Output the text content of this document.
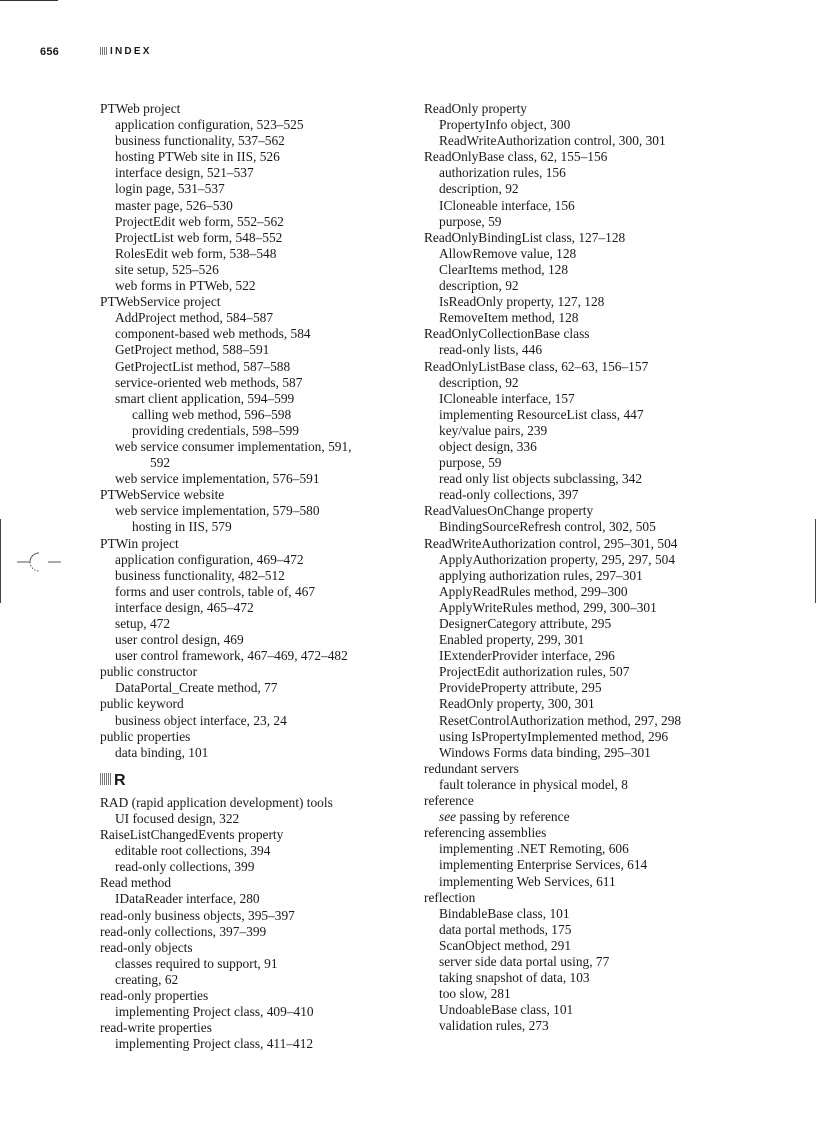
656	INDEX
PTWeb project
application configuration, 523–525
business functionality, 537–562
hosting PTWeb site in IIS, 526
interface design, 521–537
login page, 531–537
master page, 526–530
ProjectEdit web form, 552–562
ProjectList web form, 548–552
RolesEdit web form, 538–548
site setup, 525–526
web forms in PTWeb, 522
PTWebService project
AddProject method, 584–587
component-based web methods, 584
GetProject method, 588–591
GetProjectList method, 587–588
service-oriented web methods, 587
smart client application, 594–599
calling web method, 596–598
providing credentials, 598–599
web service consumer implementation, 591,
592
web service implementation, 576–591
PTWebService website
web service implementation, 579–580
hosting in IIS, 579
PTWin project
application configuration, 469–472
business functionality, 482–512
forms and user controls, table of, 467
interface design, 465–472
setup, 472
user control design, 469
user control framework, 467–469, 472–482
public constructor
DataPortal_Create method, 77
public keyword
business object interface, 23, 24
public properties
data binding, 101
R
RAD (rapid application development) tools
UI focused design, 322
RaiseListChangedEvents property
editable root collections, 394
read-only collections, 399
Read method
IDataReader interface, 280
read-only business objects, 395–397
read-only collections, 397–399
read-only objects
classes required to support, 91
creating, 62
read-only properties
implementing Project class, 409–410
read-write properties
implementing Project class, 411–412
ReadOnly property
PropertyInfo object, 300
ReadWriteAuthorization control, 300, 301
ReadOnlyBase class, 62, 155–156
authorization rules, 156
description, 92
ICloneable interface, 156
purpose, 59
ReadOnlyBindingList class, 127–128
AllowRemove value, 128
ClearItems method, 128
description, 92
IsReadOnly property, 127, 128
RemoveItem method, 128
ReadOnlyCollectionBase class
read-only lists, 446
ReadOnlyListBase class, 62–63, 156–157
description, 92
ICloneable interface, 157
implementing ResourceList class, 447
key/value pairs, 239
object design, 336
purpose, 59
read only list objects subclassing, 342
read-only collections, 397
ReadValuesOnChange property
BindingSourceRefresh control, 302, 505
ReadWriteAuthorization control, 295–301, 504
ApplyAuthorization property, 295, 297, 504
applying authorization rules, 297–301
ApplyReadRules method, 299–300
ApplyWriteRules method, 299, 300–301
DesignerCategory attribute, 295
Enabled property, 299, 301
IExtenderProvider interface, 296
ProjectEdit authorization rules, 507
ProvideProperty attribute, 295
ReadOnly property, 300, 301
ResetControlAuthorization method, 297, 298
using IsPropertyImplemented method, 296
Windows Forms data binding, 295–301
redundant servers
fault tolerance in physical model, 8
reference
see passing by reference
referencing assemblies
implementing .NET Remoting, 606
implementing Enterprise Services, 614
implementing Web Services, 611
reflection
BindableBase class, 101
data portal methods, 175
ScanObject method, 291
server side data portal using, 77
taking snapshot of data, 103
too slow, 281
UndoableBase class, 101
validation rules, 273
